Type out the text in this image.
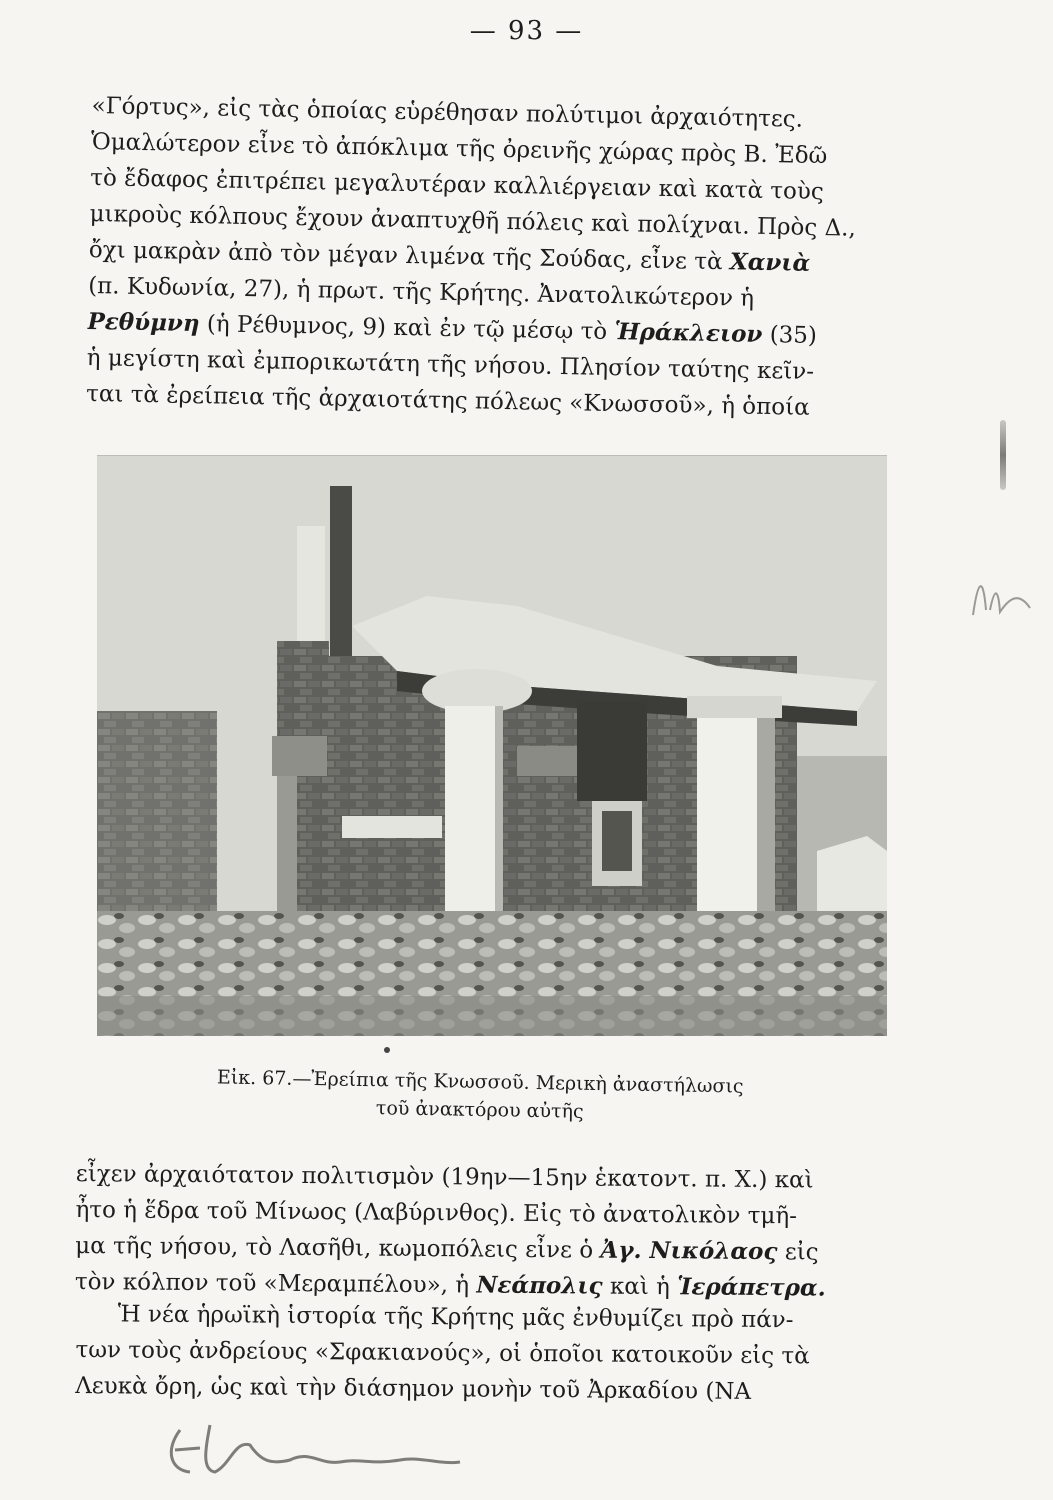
— 93 —
«Γόρτυς», εἰς τὰς ὁποίας εὑρέθησαν πολύτιμοι ἀρχαιότητες.
Ὁμαλώτερον εἶνε τὸ ἀπόκλιμα τῆς ὀρεινῆς χώρας πρὸς Β. Ἐδῶ
τὸ ἔδαφος ἐπιτρέπει μεγαλυτέραν καλλιέργειαν καὶ κατὰ τοὺς
μικροὺς κόλπους ἔχουν ἀναπτυχθῆ πόλεις καὶ πολίχναι. Πρὸς Δ.,
ὄχι μακρὰν ἀπὸ τὸν μέγαν λιμένα τῆς Σούδας, εἶνε τὰ Χανιὰ
(π. Κυδωνία, 27), ἡ πρωτ. τῆς Κρήτης. Ἀνατολικώτερον ἡ
Ρεθύμνη (ἡ Ρέθυμνος, 9) καὶ ἐν τῷ μέσῳ τὸ Ἡράκλειον (35)
ἡ μεγίστη καὶ ἐμπορικωτάτη τῆς νήσου. Πλησίον ταύτης κεῖν-
ται τὰ ἐρείπεια τῆς ἀρχαιοτάτης πόλεως «Κνωσσοῦ», ἡ ὁποία
Εἰκ. 67.—Ἐρείπια τῆς Κνωσσοῦ. Μερικὴ ἀναστήλωσις
τοῦ ἀνακτόρου αὐτῆς
εἶχεν ἀρχαιότατον πολιτισμὸν (19ην—15ην ἑκατοντ. π. Χ.) καὶ
ἦτο ἡ ἕδρα τοῦ Μίνωος (Λαβύρινθος). Εἰς τὸ ἀνατολικὸν τμῆ-
μα τῆς νήσου, τὸ Λασῆθι, κωμοπόλεις εἶνε ὁ Ἀγ. Νικόλαος εἰς
τὸν κόλπον τοῦ «Μεραμπέλου», ἡ Νεάπολις καὶ ἡ Ἱεράπετρα.
Ἡ νέα ἡρωϊκὴ ἱστορία τῆς Κρήτης μᾶς ἐνθυμίζει πρὸ πάν-
των τοὺς ἀνδρείους «Σφακιανούς», οἱ ὁποῖοι κατοικοῦν εἰς τὰ
Λευκὰ ὄρη, ὡς καὶ τὴν διάσημον μονὴν τοῦ Ἀρκαδίου (ΝΑ
